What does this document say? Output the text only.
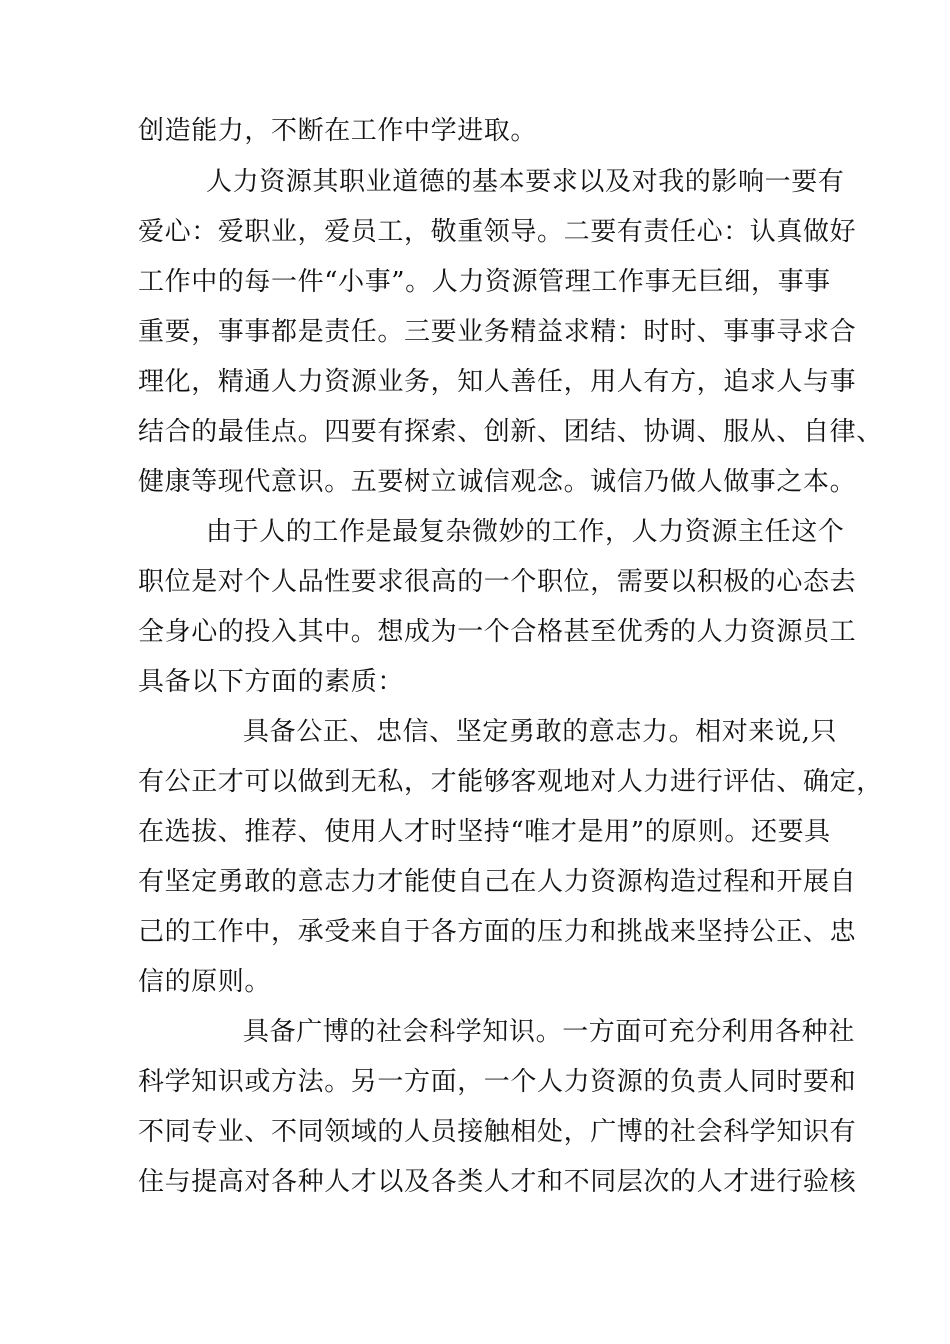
创造能力，不断在工作中学进取。
人力资源其职业道德的基本要求以及对我的影响一要有
爱心：爱职业，爱员工，敬重领导。二要有责任心：认真做好
工作中的每一件“小事”。人力资源管理工作事无巨细，事事
重要，事事都是责任。三要业务精益求精：时时、事事寻求合
理化，精通人力资源业务，知人善任，用人有方，追求人与事
结合的最佳点。四要有探索、创新、团结、协调、服从、自律、
健康等现代意识。五要树立诚信观念。诚信乃做人做事之本。
由于人的工作是最复杂微妙的工作，人力资源主任这个
职位是对个人品性要求很高的一个职位，需要以积极的心态去
全身心的投入其中。想成为一个合格甚至优秀的人力资源员工
具备以下方面的素质：
具备公正、忠信、坚定勇敢的意志力。相对来说,只
有公正才可以做到无私，才能够客观地对人力进行评估、确定，
在选拔、推荐、使用人才时坚持“唯才是用”的原则。还要具
有坚定勇敢的意志力才能使自己在人力资源构造过程和开展自
己的工作中，承受来自于各方面的压力和挑战来坚持公正、忠
信的原则。
具备广博的社会科学知识。一方面可充分利用各种社
科学知识或方法。另一方面，一个人力资源的负责人同时要和
不同专业、不同领域的人员接触相处，广博的社会科学知识有
住与提高对各种人才以及各类人才和不同层次的人才进行验核
